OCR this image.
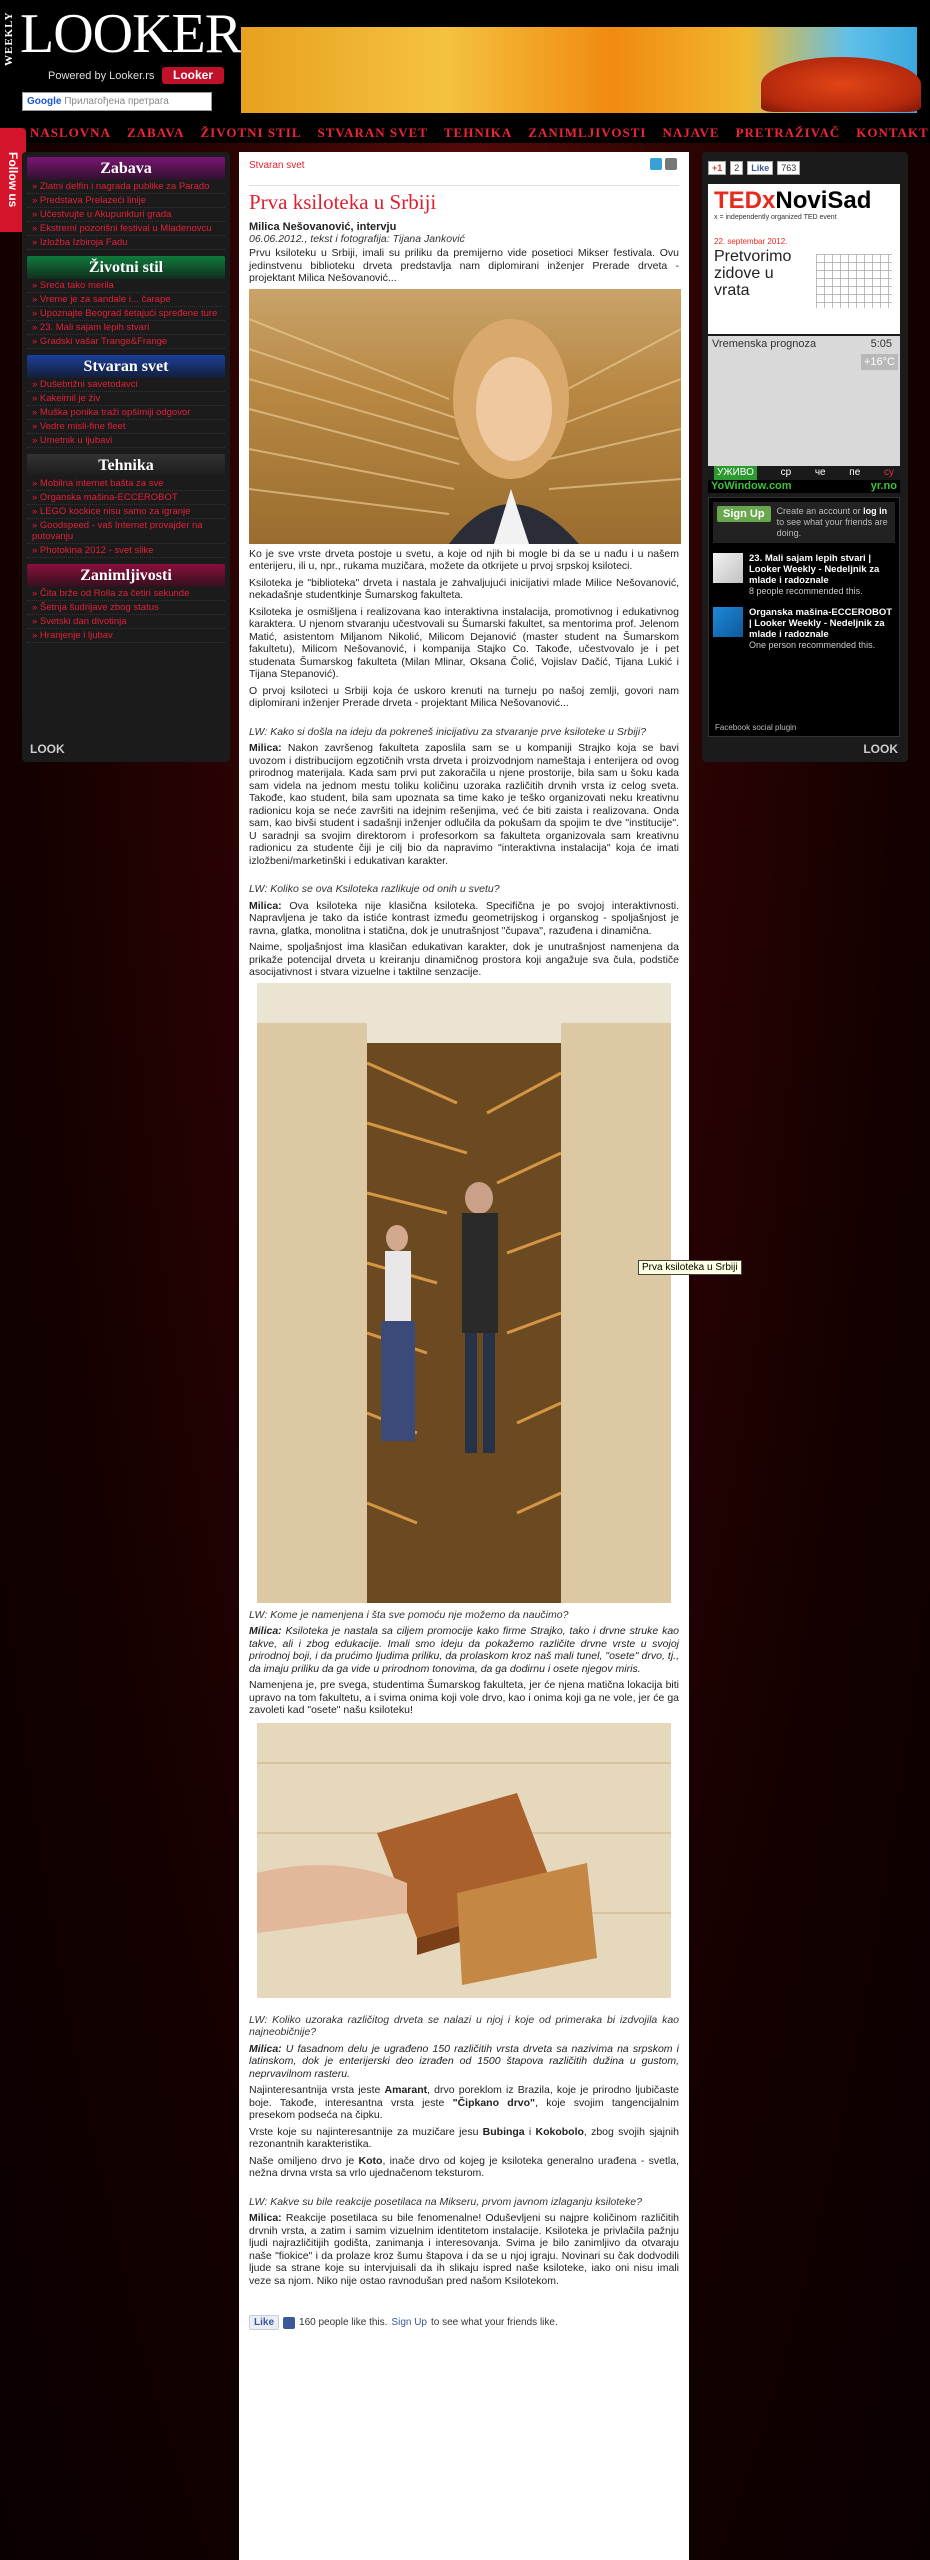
WEEKLY LOOKER
Powered by Looker.rs	Looker
Google Прилагођена претрага
NASLOVNA	ZABAVA	ŽIVOTNI STIL	STVARAN SVET	TEHNIKA	ZANIMLJIVOSTI	NAJAVE	PRETRAŽIVAČ	KONTAKT
Follow us	Zabava
» Zlatni delfin i nagrada publike za Parado
» Predstava Prelazeći linije
» Učestvujte u Akupunkturi grada
» Ekstremi pozorišni festival u Mladenovcu
» Izložba Izbiroja Fadu
Životni stil
» Sreća tako merila
» Vreme je za sandale i... čarape
» Upoznajte Beograd šetajući spređene ture
» 23. Mali sajam lepih stvari
» Gradski vašar Trange&Frange
Stvaran svet
» Dušebrižni savetodavci
» Kakeimil je živ
» Muška ponika traži opšimiji odgovor
» Vedre misli-fine fleet
» Umetnik u ljubavi
Tehnika
» Mobilna internet bašta za sve
» Organska mašina-ECCEROBOT
» LEGO kockice nisu samo za igranje
» Goodspeed - vaš Internet provajder na putovanju
» Photokina 2012 - svet slike
Zanimljivosti
» Čita brže od Rolla za četiri sekunde
» Šetnja šudrijave zbog status
» Svetski dan divotinja
» Hranjenje i ljubav
LOOK
Stvaran svet
Prva ksiloteka u Srbiji
Milica Nešovanović, intervju
06.06.2012., tekst i fotografija: Tijana Janković

Prvu ksiloteku u Srbiji, imali su priliku da premijerno vide posetioci Mikser festivala. Ovu jedinstvenu biblioteku drveta predstavlja nam diplomirani inženjer Prerade drveta - projektant Milica Nešovanović...

Ko je sve vrste drveta postoje u svetu, a koje od njih bi mogle bi da se u nađu i u našem enterijeru, ili u, npr., rukama muzičara, možete da otkrijete u prvoj srpskoj ksiloteci.

Ksiloteka je "biblioteka" drveta i nastala je zahvaljujući inicijativi mlade Milice Nešovanović, nekadašnje studentkinje Šumarskog fakulteta.

Ksiloteka je osmišljena i realizovana kao interaktivna instalacija, promotivnog i edukativnog karaktera. U njenom stvaranju učestvovali su Šumarski fakultet, sa mentorima prof. Jelenom Matić, asistentom Miljanom Nikolić, Milicom Dejanović (master student na Šumarskom fakultetu), Milicom Nešovanović, i kompanija Stajko Co. Takođe, učestvovalo je i pet studenata Šumarskog fakulteta (Milan Mlinar, Oksana Čolić, Vojislav Dačić, Tijana Lukić i Tijana Stepanović).

O prvoj ksiloteci u Srbiji koja će uskoro krenuti na turneju po našoj zemlji, govori nam diplomirani inženjer Prerade drveta - projektant Milica Nešovanović...

LW: Kako si došla na ideju da pokreneš inicijativu za stvaranje prve ksiloteke u Srbiji?

Milica: Nakon završenog fakulteta zaposlila sam se u kompaniji Strajko koja se bavi uvozom i distribucijom egzotičnih vrsta drveta i proizvodnjom nameštaja i enterijera od ovog prirodnog materijala. Kada sam prvi put zakoračila u njene prostorije, bila sam u šoku kada sam videla na jednom mestu toliku količinu uzoraka različitih drvnih vrsta iz celog sveta. Takođe, kao student, bila sam upoznata sa time kako je teško organizovati neku kreativnu radionicu koja se neće završiti na idejnim rešenjima, već će biti zaista i realizovana. Onda sam, kao bivši student i sadašnji inženjer odlučila da pokušam da spojim te dve "institucije". U saradnji sa svojim direktorom i profesorkom sa fakulteta organizovala sam kreativnu radionicu za studente čiji je cilj bio da napravimo "interaktivna instalacija" koja će imati izložbeni/marketinški i edukativan karakter.

LW: Koliko se ova Ksiloteka razlikuje od onih u svetu?

Milica: Ova ksiloteka nije klasična ksiloteka. Specifična je po svojoj interaktivnosti. Napravljena je tako da istiće kontrast između geometrijskog i organskog - spoljašnjost je ravna, glatka, monolitna i statična, dok je unutrašnjost "čupava", razuđena i dinamična.

Naime, spoljašnjost ima klasičan edukativan karakter, dok je unutrašnjost namenjena da prikaže potencijal drveta u kreiranju dinamičnog prostora koji angažuje sva čula, podstiče asocijativnost i stvara vizuelne i taktilne senzacije.

LW: Kome je namenjena i šta sve pomoću nje možemo da naučimo?

Milica: Ksiloteka je nastala sa ciljem promocije kako firme Strajko, tako i drvne struke kao takve, ali i zbog edukacije. Imali smo ideju da pokažemo različite drvne vrste u svojoj prirodnoj boji, i da prućimo ljudima priliku, da prolaskom kroz naš mali tunel, "osete" drvo, tj., da imaju priliku da ga vide u prirodnom tonovima, da ga dodirnu i osete njegov miris.

Namenjena je, pre svega, studentima Šumarskog fakulteta, jer će njena matična lokacija biti upravo na tom fakultetu, a i svima onima koji vole drvo, kao i onima koji ga ne vole, jer će ga zavoleti kad "osete" našu ksiloteku!

LW: Koliko uzoraka različitog drveta se nalazi u njoj i koje od primeraka bi izdvojila kao najneobičnije?

Milica: U fasadnom delu je ugrađeno 150 različitih vrsta drveta sa nazivima na srpskom i latinskom, dok je enterijerski deo izrađen od 1500 štapova različitih dužina u gustom, neprvavilnom rasteru.

Najinteresantnija vrsta jeste Amarant, drvo poreklom iz Brazila, koje je prirodno ljubičaste boje. Takođe, interesantna vrsta jeste "Čipkano drvo", koje svojim tangencijalnim presekom podseća na čipku.

Vrste koje su najinteresantnije za muzičare jesu Bubinga i Kokobolo, zbog svojih sjajnih rezonantnih karakteristika.

Naše omiljeno drvo je Koto, inače drvo od kojeg je ksiloteka generalno urađena - svetla, nežna drvna vrsta sa vrlo ujednačenom teksturom.

LW: Kakve su bile reakcije posetilaca na Mikseru, prvom javnom izlaganju ksiloteke?

Milica: Reakcije posetilaca su bile fenomenalne! Oduševljeni su najpre količinom različitih drvnih vrsta, a zatim i samim vizuelnim identitetom instalacije. Ksiloteka je privlačila pažnju ljudi najrazličitijih godišta, zanimanja i interesovanja. Svima je bilo zanimljivo da otvaraju naše "fiokice" i da prolaze kroz šumu štapova i da se u njoj igraju. Novinari su čak dodvodili ljude sa strane koje su intervjuisali da ih slikaju ispred naše ksiloteke, iako oni nisu imali veze sa njom. Niko nije ostao ravnodušan pred našom Ksilotekom.

Like	160 people like this. Sign Up to see what your friends like.
Prva ksiloteka u Srbiji
+1	2	Like	763
TEDxNoviSad
x = independently organized TED event
22. septembar 2012.
Pretvorimo zidove u vrata
Vremenska prognoza	5:05
+16°C
УЖИВО	ср че пе су
YoWindow.com	yr.no
Sign Up	Create an account or log in to see what your friends are doing.
23. Mali sajam lepih stvari | Looker Weekly - Nedeljnik za mlade i radoznale
8 people recommended this.
Organska mašina-ECCEROBOT | Looker Weekly - Nedeljnik za mlade i radoznale
One person recommended this.
Facebook social plugin
LOOK
